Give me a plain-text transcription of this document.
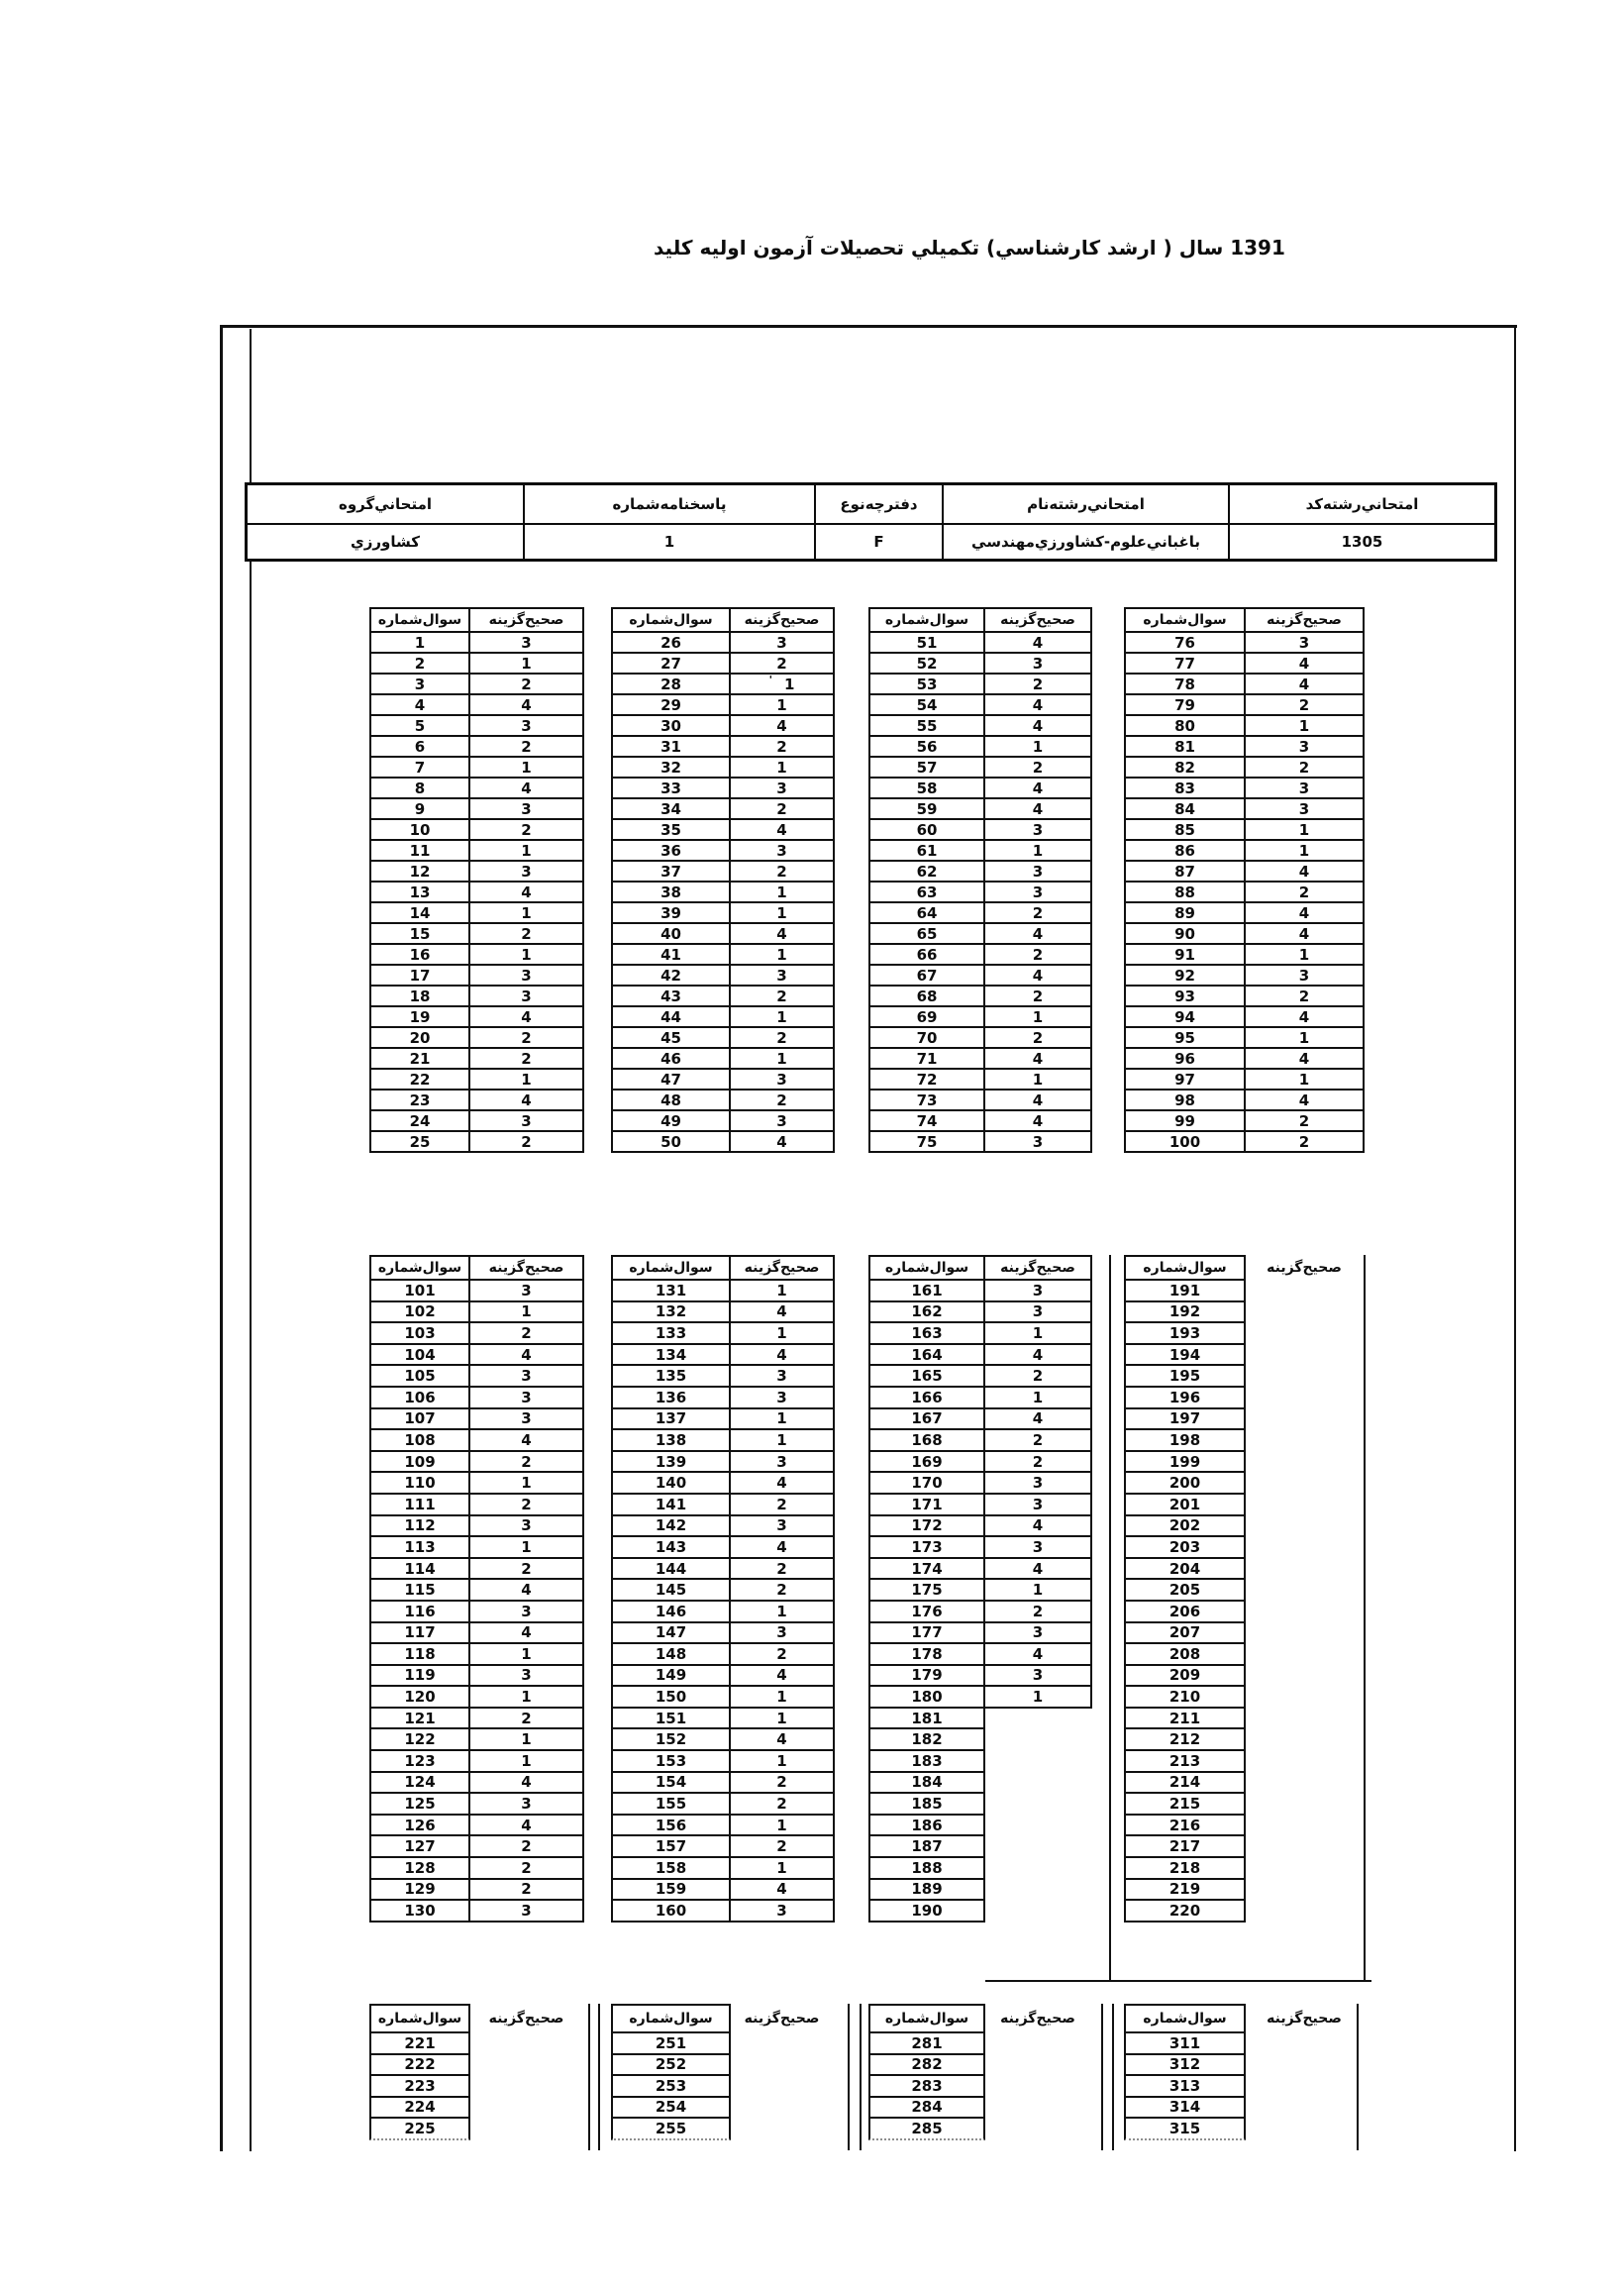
كليد اوليه آزمون تحصيلات تكميلي (كارشناسي ارشد ) سال 1391
گروه امتحاني	شماره پاسخنامه	نوع دفترچه	نام رشته امتحاني	كد رشته امتحاني
كشاورزي	1	F	مهندسي كشاورزي - علوم باغباني	1305
شماره سوال گزينه صحيح
1	3
2	1
3	2
4	4
5	3
6	2
7	1
8	4
9	3
10	2
11	1
12	3
13	4
14	1
15	2
16	1
17	3
18	3
19	4
20	2
21	2
22	1
23	4
24	3
25	2
شماره سوال گزينه صحيح
26	3
27	2
28	' 1
29	1
30	4
31	2
32	1
33	3
34	2
35	4
36	3
37	2
38	1
39	1
40	4
41	1
42	3
43	2
44	1
45	2
46	1
47	3
48	2
49	3
50	4
شماره سوال گزينه صحيح
51	4
52	3
53	2
54	4
55	4
56	1
57	2
58	4
59	4
60	3
61	1
62	3
63	3
64	2
65	4
66	2
67	4
68	2
69	1
70	2
71	4
72	1
73	4
74	4
75	3
شماره سوال	گزينه صحيح
76	3
77	4
78	4
79	2
80	1
81	3
82	2
83	3
84	3
85	1
86	1
87	4
88	2
89	4
90	4
91	1
92	3
93	2
94	4
95	1
96	4
97	1
98	4
99	2
100	2
شماره سوال گزينه صحيح
101	3
102	1
103	2
104	4
105	3
106	3
107	3
108	4
109	2
110	1
111	2
112	3
113	1
114	2
115	4
116	3
117	4
118	1
119	3
120	1
121	2
122	1
123	1
124	4
125	3
126	4
127	2
128	2
129	2
130	3
شماره سوال گزينه صحيح
131	1
132	4
133	1
134	4
135	3
136	3
137	1
138	1
139	3
140	4
141	2
142	3
143	4
144	2
145	2
146	1
147	3
148	2
149	4
150	1
151	1
152	4
153	1
154	2
155	2
156	1
157	2
158	1
159	4
160	3
شماره سوال گزينه صحيح
161	3
162	3
163	1
164	4
165	2
166	1
167	4
168	2
169	2
170	3
171	3
172	4
173	3
174	4
175	1
176	2
177	3
178	4
179	3
180	1
181
182
183
184
185
186
187
188
189
190
شماره سوال	گزينه صحيح
191
192
193
194
195
196
197
198
199
200
201
202
203
204
205
206
207
208
209
210
211
212
213
214
215
216
217
218
219
220
شماره سوال گزينه صحيح
221
222
223
224
225
شماره سوال گزينه صحيح
251
252
253
254
255
شماره سوال گزينه صحيح
281
282
283
284
285
شماره سوال	گزينه صحيح
311
312
313
314
315
